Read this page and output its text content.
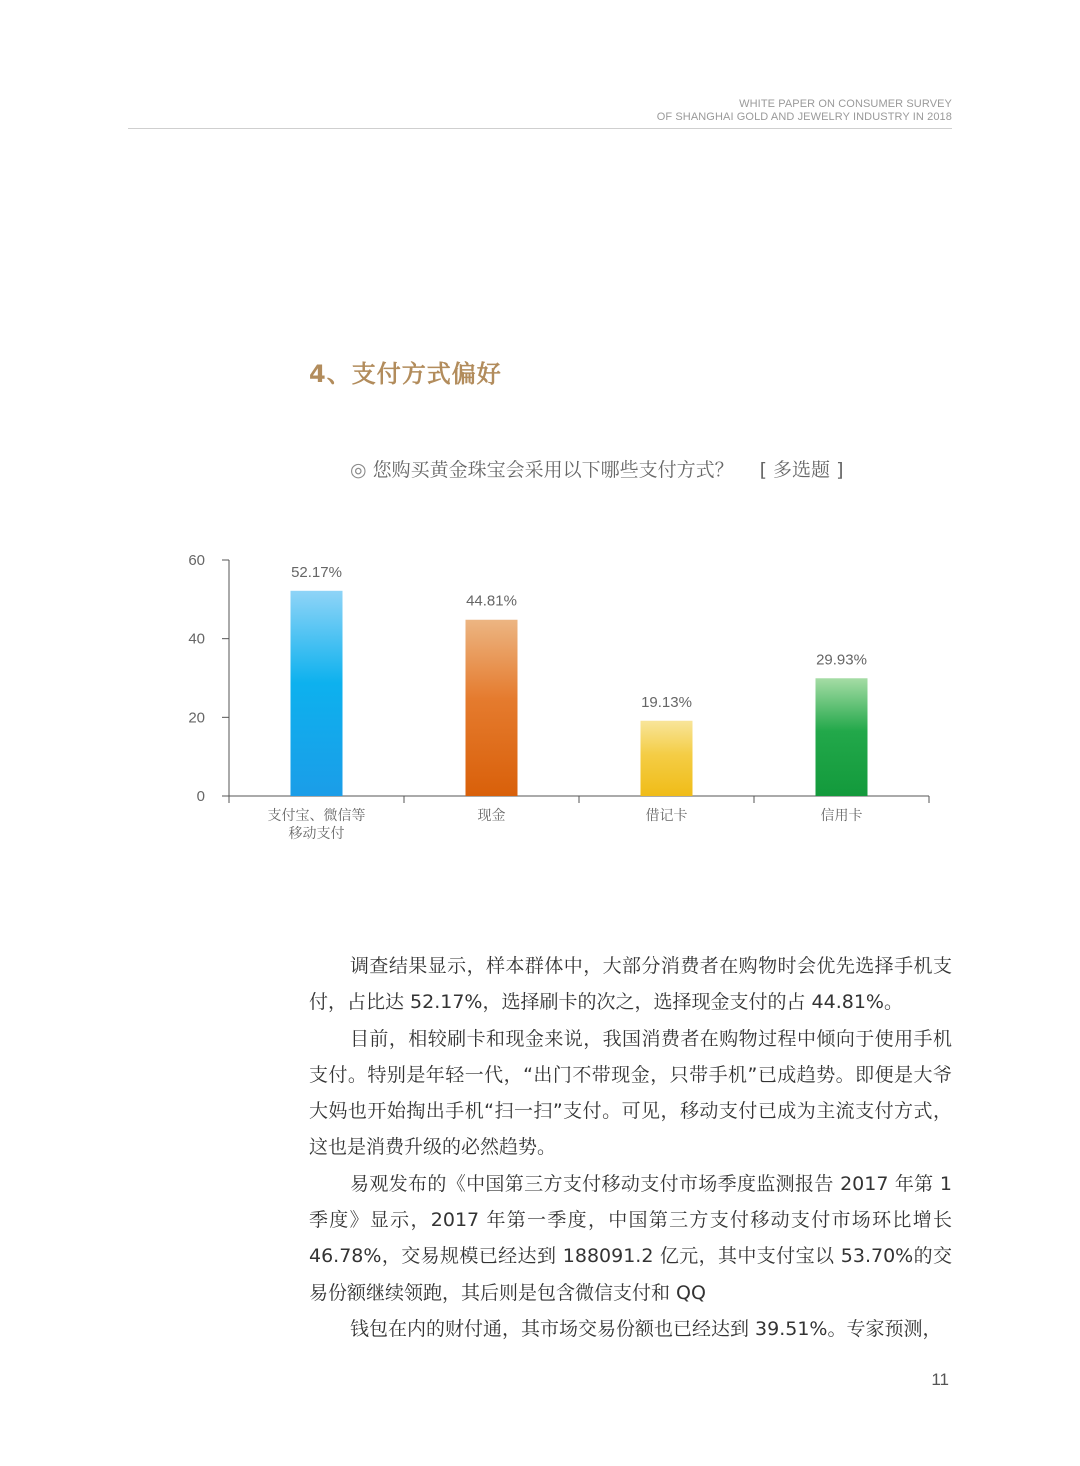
WHITE PAPER ON CONSUMER SURVEY
OF SHANGHAI GOLD AND JEWELRY INDUSTRY IN 2018
4、支付方式偏好
◎ 您购买黄金珠宝会采用以下哪些支付方式？ [ 多选题 ]
0
20
40
60
52.17%
支付宝、微信等
移动支付
44.81%
现金
19.13%
借记卡
29.93%
信用卡

调查结果显示，样本群体中，大部分消费者在购物时会优先选择手机支付，占比达 52.17%，选择刷卡的次之，选择现金支付的占 44.81%。

目前，相较刷卡和现金来说，我国消费者在购物过程中倾向于使用手机支付。特别是年轻一代，“出门不带现金，只带手机”已成趋势。即便是大爷大妈也开始掏出手机“扫一扫”支付。可见，移动支付已成为主流支付方式，这也是消费升级的必然趋势。

易观发布的《中国第三方支付移动支付市场季度监测报告 2017 年第 1 季度》显示，2017 年第一季度，中国第三方支付移动支付市场环比增长 46.78%，交易规模已经达到 188091.2 亿元，其中支付宝以 53.70%的交易份额继续领跑，其后则是包含微信支付和 QQ

钱包在内的财付通，其市场交易份额也已经达到 39.51%。专家预测，

11
